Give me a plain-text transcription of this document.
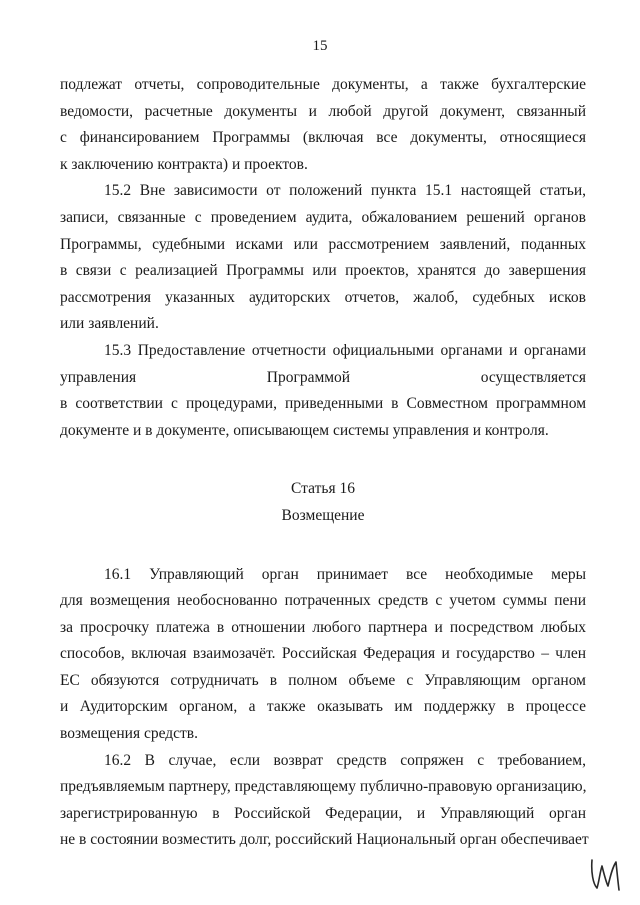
15
подлежат отчеты, сопроводительные документы, а также бухгалтерские
ведомости, расчетные документы и любой другой документ, связанный
с финансированием Программы (включая все документы, относящиеся
к заключению контракта) и проектов.
15.2 Вне зависимости от положений пункта 15.1 настоящей статьи,
записи, связанные с проведением аудита, обжалованием решений органов
Программы, судебными исками или рассмотрением заявлений, поданных
в связи с реализацией Программы или проектов, хранятся до завершения
рассмотрения указанных аудиторских отчетов, жалоб, судебных исков
или заявлений.
15.3 Предоставление отчетности официальными органами и органами
управления Программой осуществляется
в соответствии с процедурами, приведенными в Совместном программном
документе и в документе, описывающем системы управления и контроля.
Статья 16
Возмещение
16.1 Управляющий орган принимает все необходимые меры
для возмещения необоснованно потраченных средств с учетом суммы пени
за просрочку платежа в отношении любого партнера и посредством любых
способов, включая взаимозачёт. Российская Федерация и государство – член
ЕС обязуются сотрудничать в полном объеме с Управляющим органом
и Аудиторским органом, а также оказывать им поддержку в процессе
возмещения средств.
16.2 В случае, если возврат средств сопряжен с требованием,
предъявляемым партнеру, представляющему публично-правовую организацию,
зарегистрированную в Российской Федерации, и Управляющий орган
не в состоянии возместить долг, российский Национальный орган обеспечивает
